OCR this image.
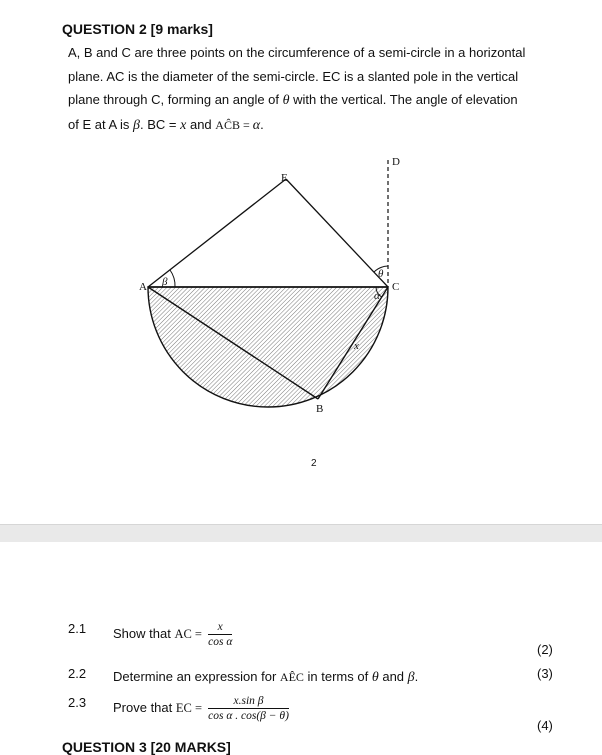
QUESTION 2 [9 marks]
A, B and C are three points on the circumference of a semi-circle in a horizontal
plane. AC is the diameter of the semi-circle. EC is a slanted pole in the vertical
plane through C, forming an angle of θ with the vertical. The angle of elevation
of E at A is β. BC = x and AĈB = α.
A
B
C
D
E
β
θ
α
x
2
2.1 Show that AC = $\frac{x}{\text{cos α}}$
(2)
2.2 Determine an expression for AÊC in terms of θ and β.	(3)
2.3 Prove that EC = $\frac{\text{x.sin β}}{\text{cos α . cos(β − θ)}}$
(4)
QUESTION 3 [20 MARKS]
